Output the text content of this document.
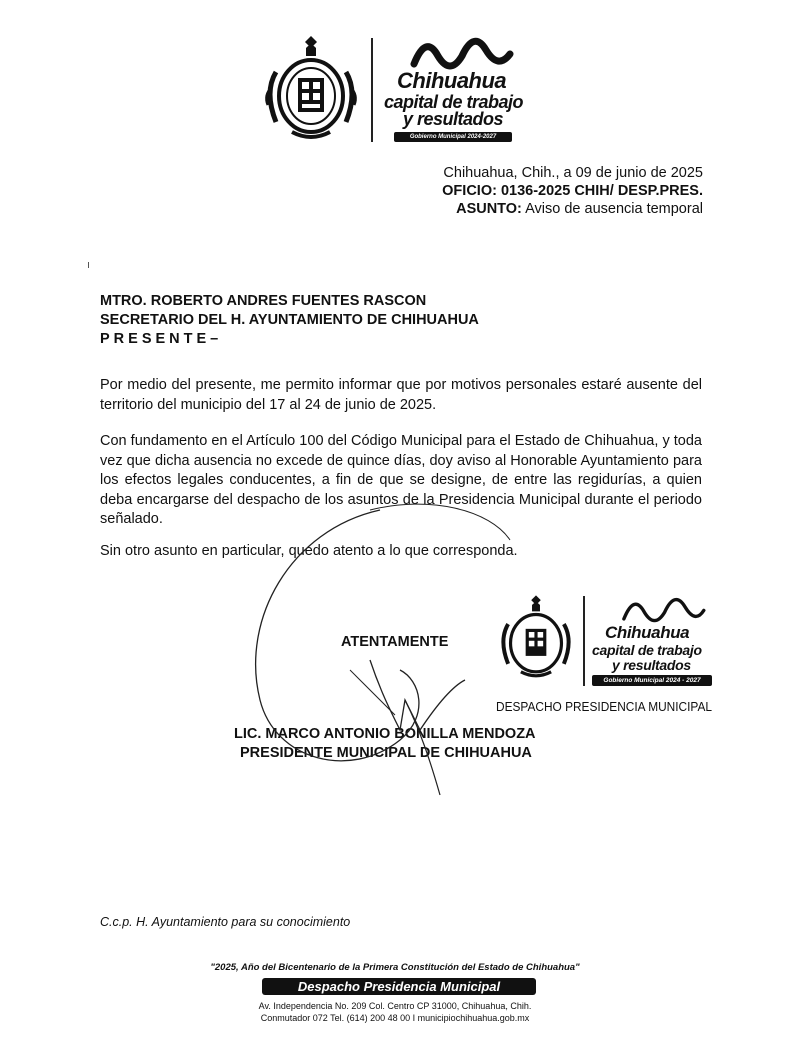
Chihuahua
capital de trabajo
y resultados
Gobierno Municipal 2024-2027
Chihuahua, Chih., a 09 de junio de 2025
OFICIO: 0136-2025 CHIH/ DESP.PRES.
ASUNTO: Aviso de ausencia temporal
MTRO. ROBERTO ANDRES FUENTES RASCON
SECRETARIO DEL H. AYUNTAMIENTO DE CHIHUAHUA
PRESENTE–
Por medio del presente, me permito informar que por motivos personales estaré ausente del territorio del municipio del 17 al 24 de junio de 2025.
Con fundamento en el Artículo 100 del Código Municipal para el Estado de Chihuahua, y toda vez que dicha ausencia no excede de quince días, doy aviso al Honorable Ayuntamiento para los efectos legales conducentes, a fin de que se designe, de entre las regidurías, a quien deba encargarse del despacho de los asuntos de la Presidencia Municipal durante el periodo señalado.
Sin otro asunto en particular, quedo atento a lo que corresponda.
Chihuahua
capital de trabajo
y resultados
Gobierno Municipal 2024 - 2027
DESPACHO PRESIDENCIA MUNICIPAL
ATENTAMENTE
LIC. MARCO ANTONIO BONILLA MENDOZA
PRESIDENTE MUNICIPAL DE CHIHUAHUA
C.c.p. H. Ayuntamiento para su conocimiento
"2025, Año del Bicentenario de la Primera Constitución del Estado de Chihuahua"
Despacho Presidencia Municipal
Av. Independencia No. 209 Col. Centro CP 31000, Chihuahua, Chih.
Conmutador 072 Tel. (614) 200 48 00 I municipiochihuahua.gob.mx
